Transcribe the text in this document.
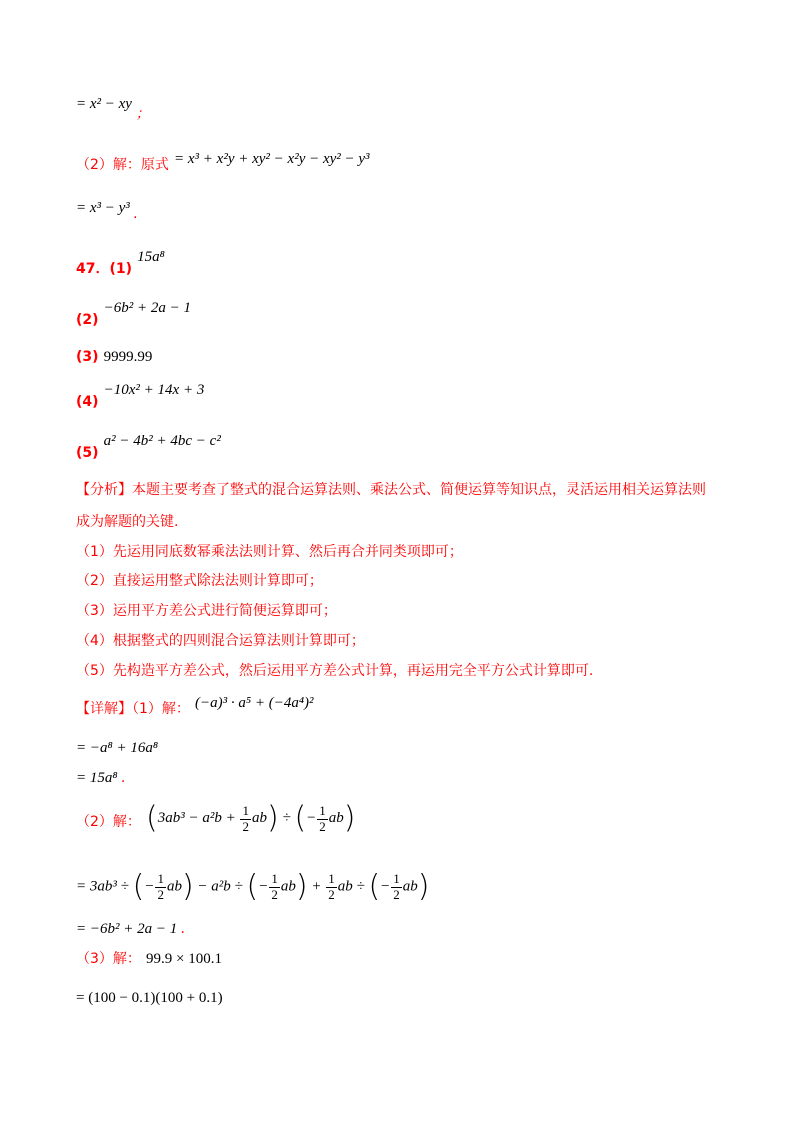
= x² − xy ；
（2）解：原式 = x³ + x²y + xy² − x²y − xy² − y³
= x³ − y³ .
47．(1) 15a⁸
(2) −6b² + 2a − 1
(3) 9999.99
(4) −10x² + 14x + 3
(5) a² − 4b² + 4bc − c²
【分析】本题主要考查了整式的混合运算法则、乘法公式、简便运算等知识点，灵活运用相关运算法则
成为解题的关键.
（1）先运用同底数幂乘法法则计算、然后再合并同类项即可；
（2）直接运用整式除法法则计算即可；
（3）运用平方差公式进行简便运算即可；
（4）根据整式的四则混合运算法则计算即可；
（5）先构造平方差公式，然后运用平方差公式计算，再运用完全平方公式计算即可.
【详解】（1）解： (−a)³ · a⁵ + (−4a⁴)²
= −a⁸ + 16a⁸
= 15a⁸ .
（2）解： $(3ab^3 - a^2b + \frac{1}{2} ab)$ ÷ (− $\frac{1}{2} ab$)
= 3ab³ ÷ (− $\frac{1}{2} ab) - a^2b$ ÷ (− $\frac{1}{2} ab) + \frac{1}{2}$ ab ÷ (− $\frac{1}{2} ab$)
= −6b² + 2a − 1 .
（3）解： 99.9 × 100.1
= (100 − 0.1)(100 + 0.1)
